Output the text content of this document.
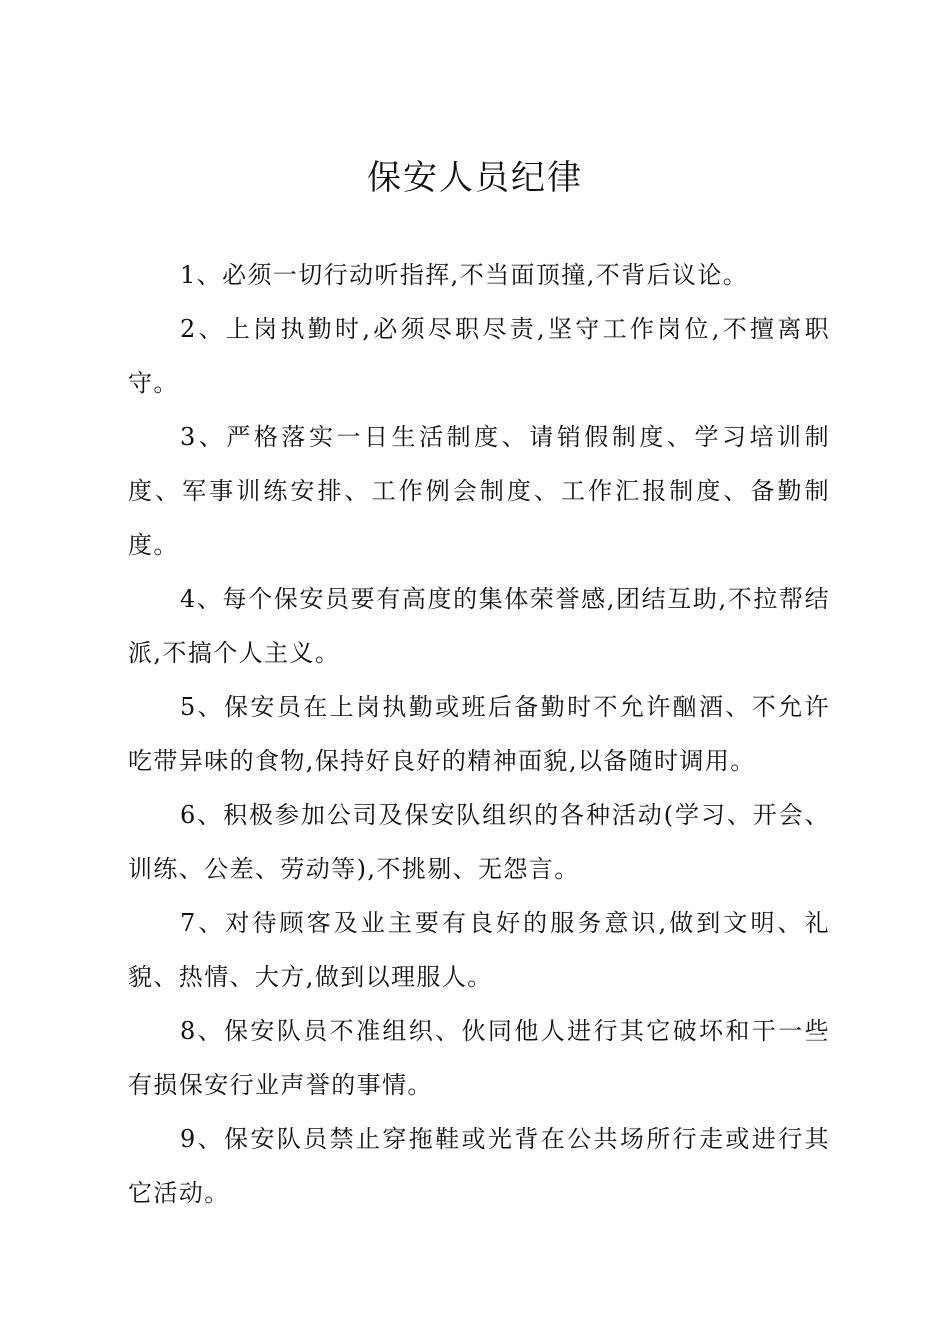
保安人员纪律

1、必须一切行动听指挥,不当面顶撞,不背后议论。

2、上岗执勤时,必须尽职尽责,坚守工作岗位,不擅离职守。

3、严格落实一日生活制度、请销假制度、学习培训制度、军事训练安排、工作例会制度、工作汇报制度、备勤制度。

4、每个保安员要有高度的集体荣誉感,团结互助,不拉帮结派,不搞个人主义。

5、保安员在上岗执勤或班后备勤时不允许酗酒、不允许吃带异味的食物,保持好良好的精神面貌,以备随时调用。

6、积极参加公司及保安队组织的各种活动(学习、开会、训练、公差、劳动等),不挑剔、无怨言。

7、对待顾客及业主要有良好的服务意识,做到文明、礼貌、热情、大方,做到以理服人。

8、保安队员不准组织、伙同他人进行其它破坏和干一些有损保安行业声誉的事情。

9、保安队员禁止穿拖鞋或光背在公共场所行走或进行其它活动。
